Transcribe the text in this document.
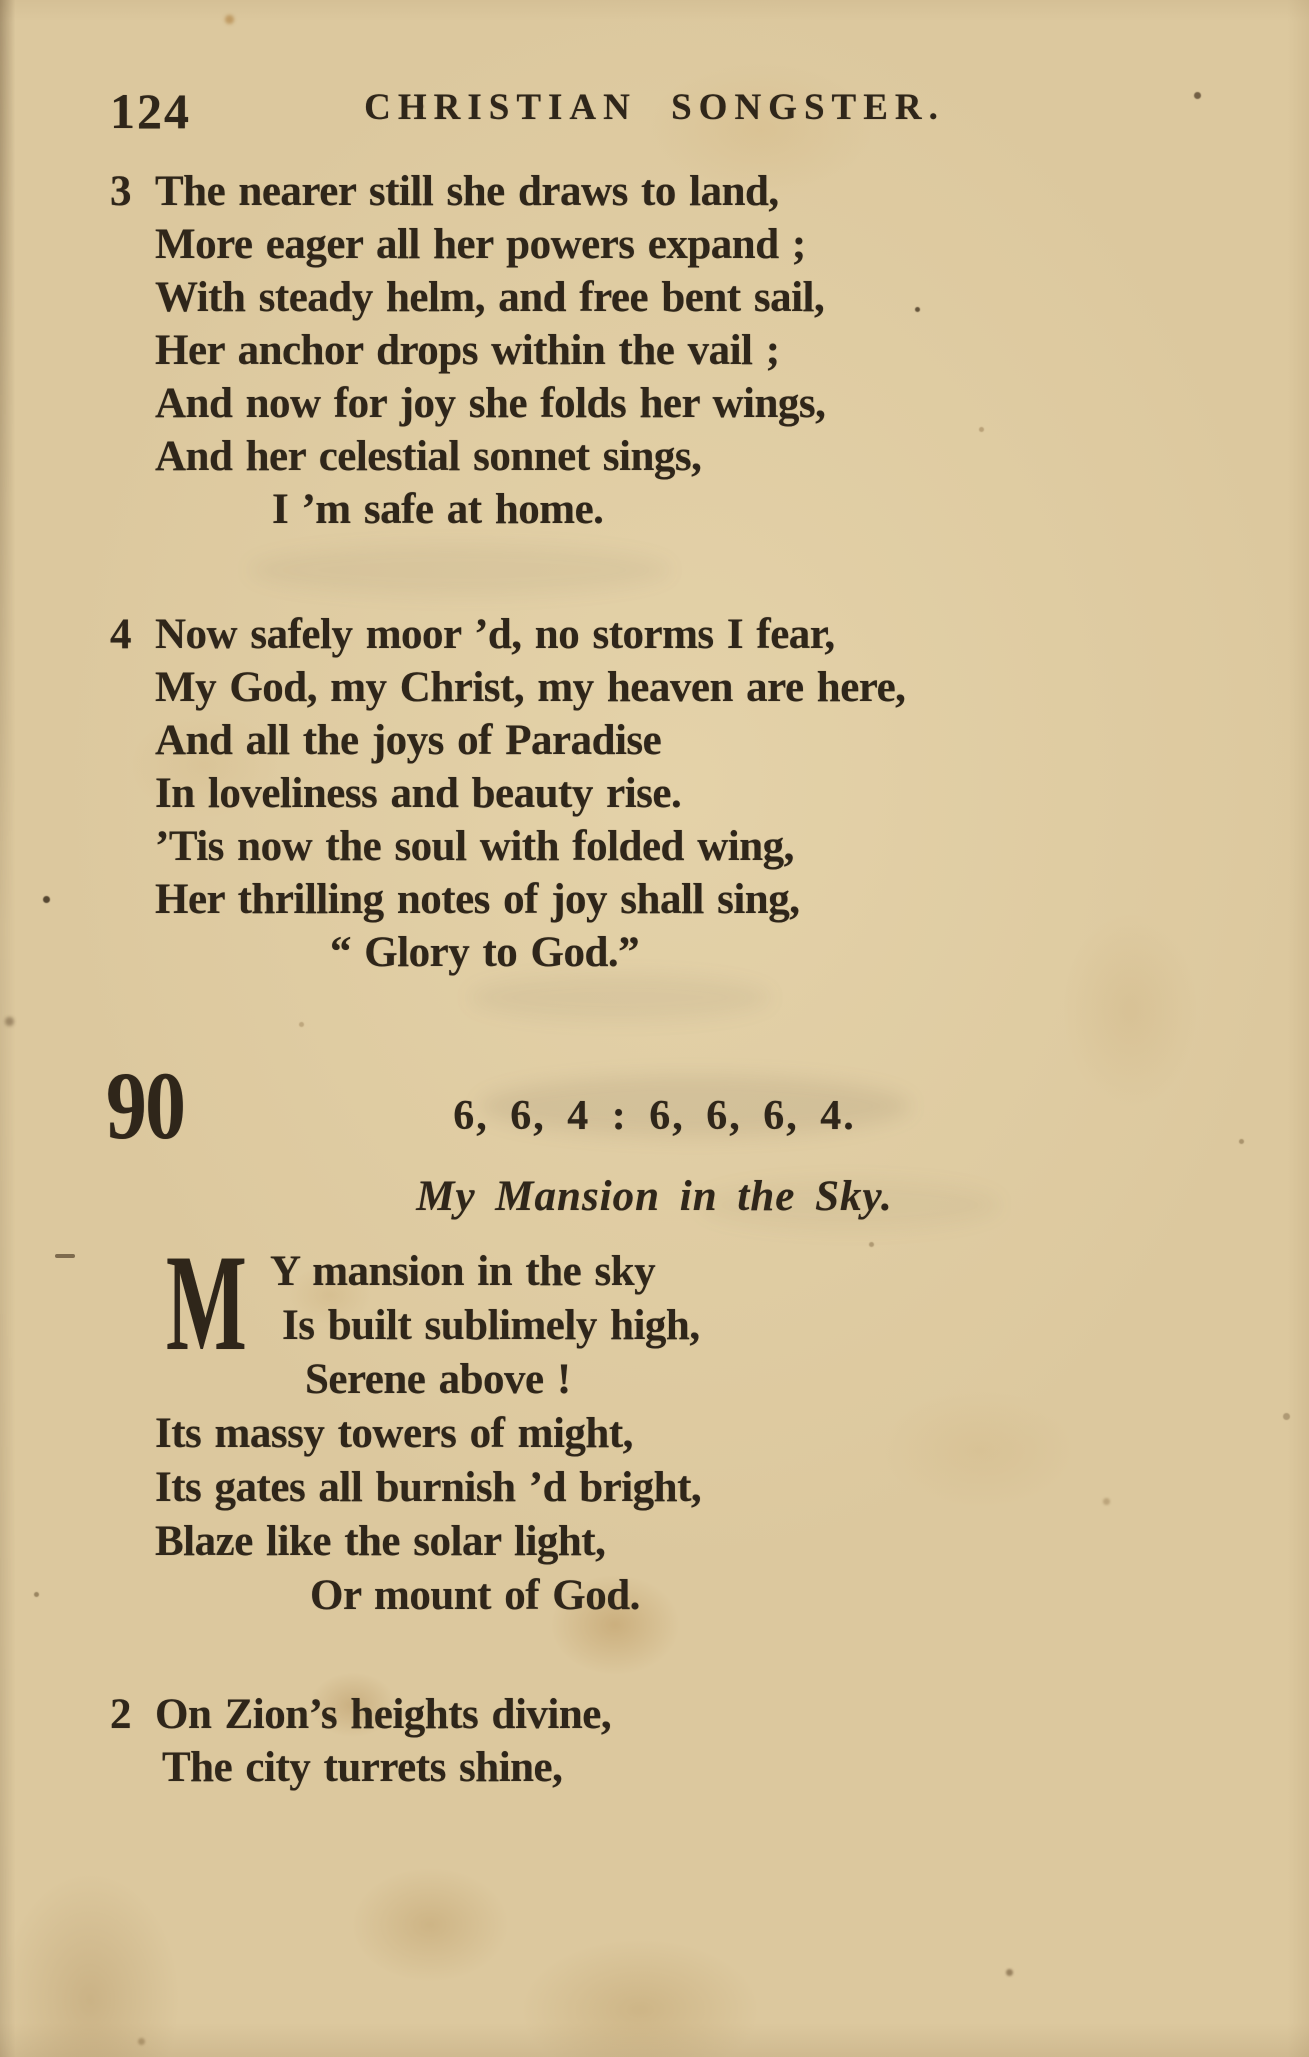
124	CHRISTIAN SONGSTER.
3 The nearer still she draws to land,
More eager all her powers expand ;
With steady helm, and free bent sail,
Her anchor drops within the vail ;
And now for joy she folds her wings,
And her celestial sonnet sings,
I ’m safe at home.
4 Now safely moor ’d, no storms I fear,
My God, my Christ, my heaven are here,
And all the joys of Paradise
In loveliness and beauty rise.
’Tis now the soul with folded wing,
Her thrilling notes of joy shall sing,
“ Glory to God.”
90	6, 6, 4 : 6, 6, 6, 4.
My Mansion in the Sky.
M Y mansion in the sky
Is built sublimely high,
Serene above !
Its massy towers of might,
Its gates all burnish ’d bright,
Blaze like the solar light,
Or mount of God.
2 On Zion’s heights divine,
The city turrets shine,
